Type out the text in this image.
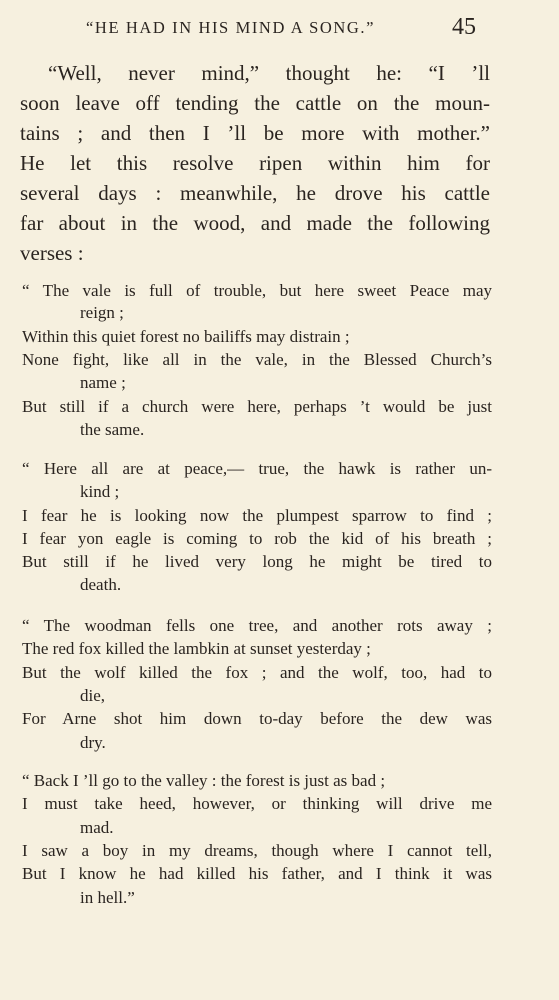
“HE HAD IN HIS MIND A SONG.”	45
“Well, never mind,” thought he: “I ’ll
soon leave off tending the cattle on the moun-
tains ; and then I ’ll be more with mother.”
He let this resolve ripen within him for
several days : meanwhile, he drove his cattle
far about in the wood, and made the following
verses :
“ The vale is full of trouble, but here sweet Peace may
reign ;
Within this quiet forest no bailiffs may distrain ;
None fight, like all in the vale, in the Blessed Church’s
name ;
But still if a church were here, perhaps ’t would be just
the same.
“ Here all are at peace,— true, the hawk is rather un-
kind ;
I fear he is looking now the plumpest sparrow to find ;
I fear yon eagle is coming to rob the kid of his breath ;
But still if he lived very long he might be tired to
death.
“ The woodman fells one tree, and another rots away ;
The red fox killed the lambkin at sunset yesterday ;
But the wolf killed the fox ; and the wolf, too, had to
die,
For Arne shot him down to-day before the dew was
dry.
“ Back I ’ll go to the valley : the forest is just as bad ;
I must take heed, however, or thinking will drive me
mad.
I saw a boy in my dreams, though where I cannot tell,
But I know he had killed his father, and I think it was
in hell.”
